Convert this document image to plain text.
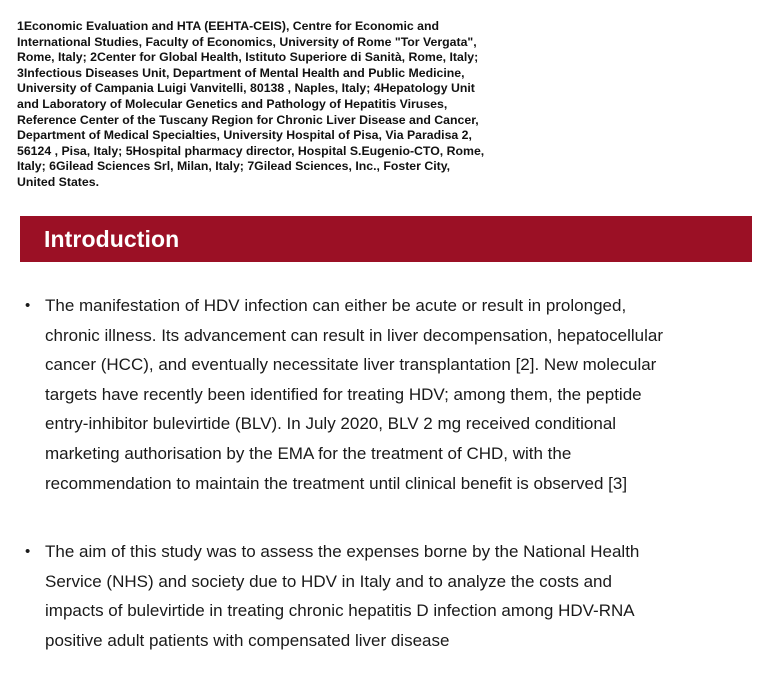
1Economic Evaluation and HTA (EEHTA-CEIS), Centre for Economic and
International Studies, Faculty of Economics, University of Rome "Tor Vergata",
Rome, Italy; 2Center for Global Health, Istituto Superiore di Sanità, Rome, Italy;
3Infectious Diseases Unit, Department of Mental Health and Public Medicine,
University of Campania Luigi Vanvitelli, 80138 , Naples, Italy; 4Hepatology Unit
and Laboratory of Molecular Genetics and Pathology of Hepatitis Viruses,
Reference Center of the Tuscany Region for Chronic Liver Disease and Cancer,
Department of Medical Specialties, University Hospital of Pisa, Via Paradisa 2,
56124 , Pisa, Italy; 5Hospital pharmacy director, Hospital S.Eugenio-CTO, Rome,
Italy; 6Gilead Sciences Srl, Milan, Italy; 7Gilead Sciences, Inc., Foster City,
United States.
Introduction
• The manifestation of HDV infection can either be acute or result in prolonged,
chronic illness. Its advancement can result in liver decompensation, hepatocellular
cancer (HCC), and eventually necessitate liver transplantation [2]. New molecular
targets have recently been identified for treating HDV; among them, the peptide
entry-inhibitor bulevirtide (BLV). In July 2020, BLV 2 mg received conditional
marketing authorisation by the EMA for the treatment of CHD, with the
recommendation to maintain the treatment until clinical benefit is observed [3]
• The aim of this study was to assess the expenses borne by the National Health
Service (NHS) and society due to HDV in Italy and to analyze the costs and
impacts of bulevirtide in treating chronic hepatitis D infection among HDV-RNA
positive adult patients with compensated liver disease
